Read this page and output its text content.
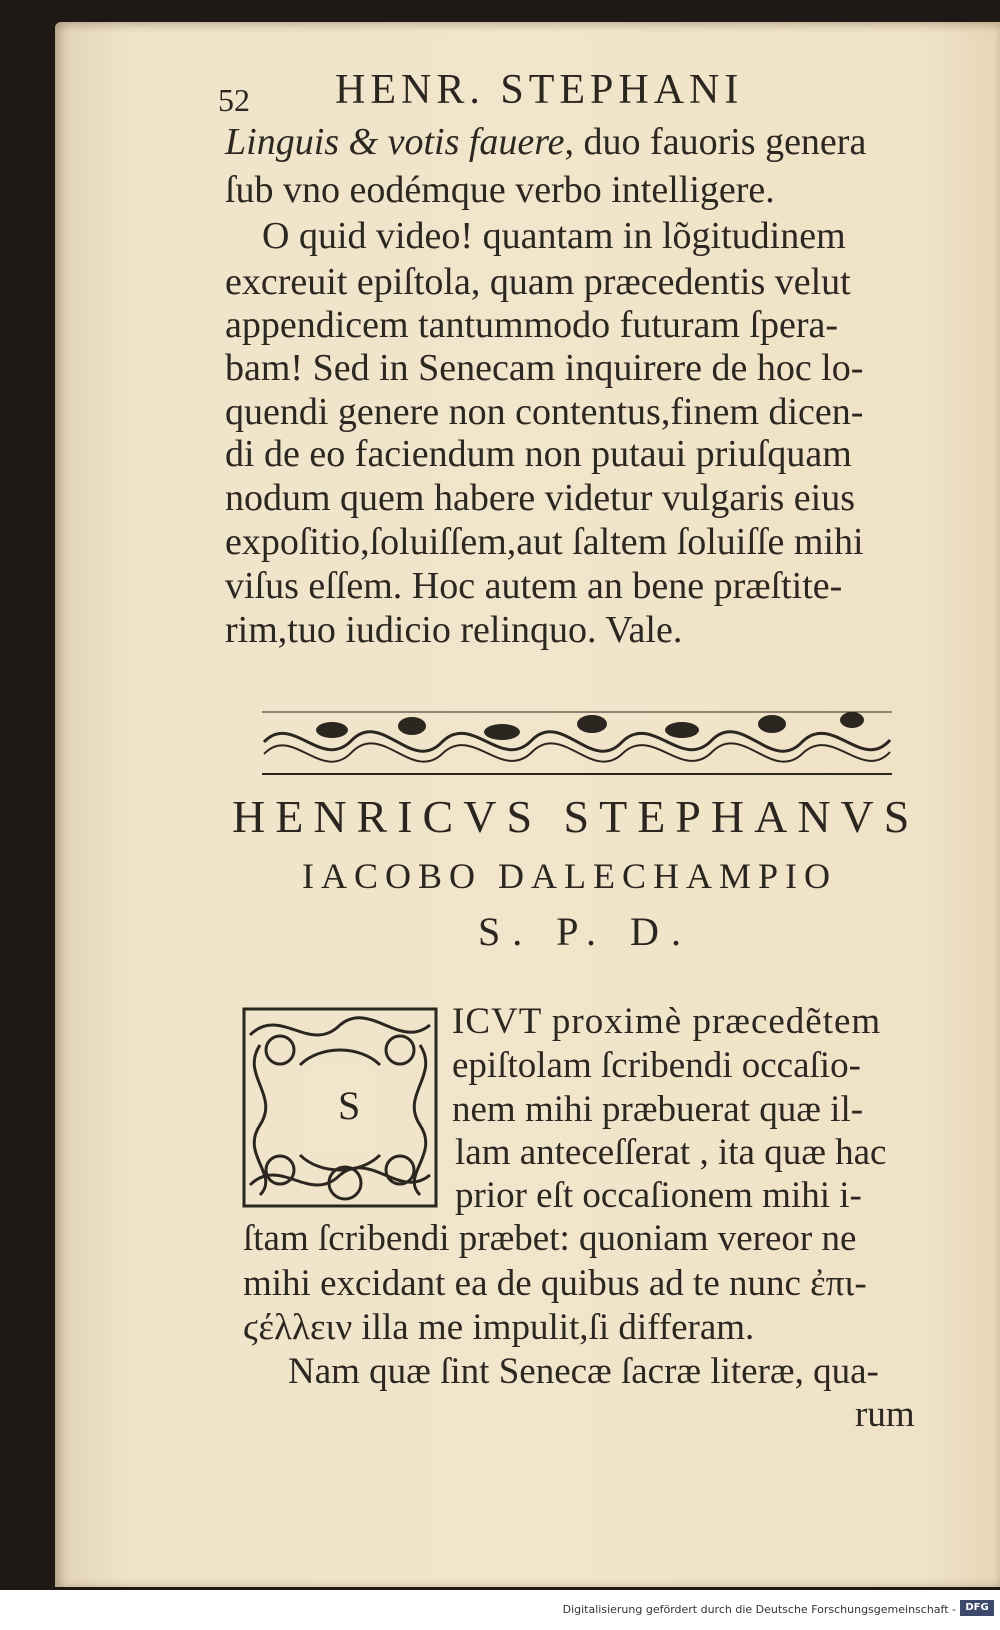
52 HENR. STEPHANI
Linguis & votis fauere, duo fauoris genera
ſub vno eodémque verbo intelligere.
O quid video! quantam in lõgitudinem
excreuit epiſtola, quam præcedentis velut
appendicem tantummodo futuram ſpera-
bam! Sed in Senecam inquirere de hoc lo-
quendi genere non contentus,finem dicen-
di de eo faciendum non putaui priuſquam
nodum quem habere videtur vulgaris eius
expoſitio,ſoluiſſem,aut ſaltem ſoluiſſe mihi
viſus eſſem. Hoc autem an bene præſtite-
rim,tuo iudicio relinquo. Vale.
HENRICVS STEPHANVS
IACOBO DALECHAMPIO
S. P. D.
S
ICVT proximè præcedẽtem
epiſtolam ſcribendi occaſio-
nem mihi præbuerat quæ il-
lam anteceſſerat , ita quæ hac
prior eſt occaſionem mihi i-
ſtam ſcribendi præbet: quoniam vereor ne
mihi excidant ea de quibus ad te nunc ἐπι-
ϛέλλειν illa me impulit,ſi differam.
Nam quæ ſint Senecæ ſacræ literæ, qua-
rum
Digitalisierung gefördert durch die Deutsche Forschungsgemeinschaft - DFG
